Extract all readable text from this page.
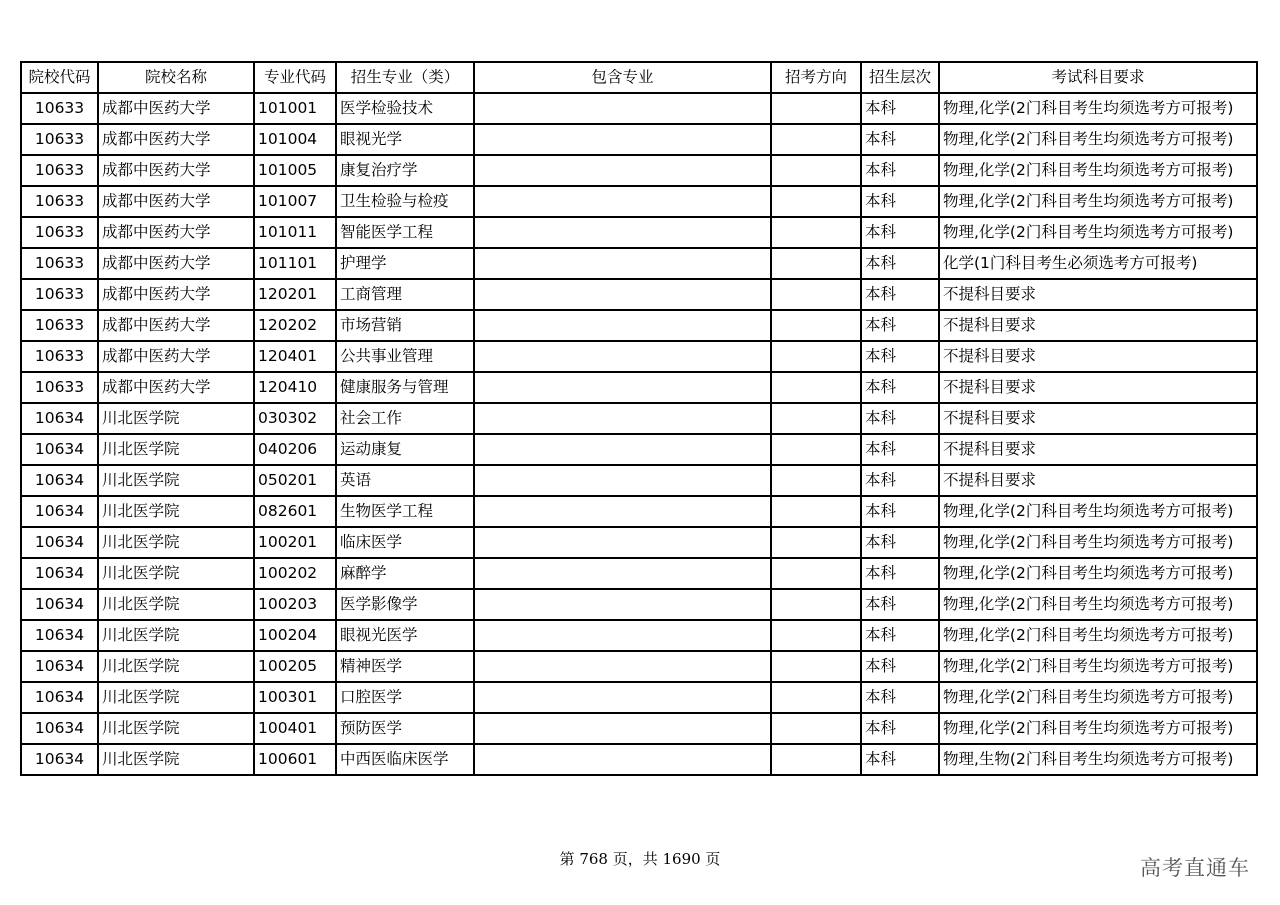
院校代码	院校名称	专业代码	招生专业（类）	包含专业	招考方向	招生层次	考试科目要求
10633	成都中医药大学	101001	医学检验技术			本科	物理,化学(2门科目考生均须选考方可报考)
10633	成都中医药大学	101004	眼视光学			本科	物理,化学(2门科目考生均须选考方可报考)
10633	成都中医药大学	101005	康复治疗学			本科	物理,化学(2门科目考生均须选考方可报考)
10633	成都中医药大学	101007	卫生检验与检疫			本科	物理,化学(2门科目考生均须选考方可报考)
10633	成都中医药大学	101011	智能医学工程			本科	物理,化学(2门科目考生均须选考方可报考)
10633	成都中医药大学	101101	护理学			本科	化学(1门科目考生必须选考方可报考)
10633	成都中医药大学	120201	工商管理			本科	不提科目要求
10633	成都中医药大学	120202	市场营销			本科	不提科目要求
10633	成都中医药大学	120401	公共事业管理			本科	不提科目要求
10633	成都中医药大学	120410	健康服务与管理			本科	不提科目要求
10634	川北医学院	030302	社会工作			本科	不提科目要求
10634	川北医学院	040206	运动康复			本科	不提科目要求
10634	川北医学院	050201	英语			本科	不提科目要求
10634	川北医学院	082601	生物医学工程			本科	物理,化学(2门科目考生均须选考方可报考)
10634	川北医学院	100201	临床医学			本科	物理,化学(2门科目考生均须选考方可报考)
10634	川北医学院	100202	麻醉学			本科	物理,化学(2门科目考生均须选考方可报考)
10634	川北医学院	100203	医学影像学			本科	物理,化学(2门科目考生均须选考方可报考)
10634	川北医学院	100204	眼视光医学			本科	物理,化学(2门科目考生均须选考方可报考)
10634	川北医学院	100205	精神医学			本科	物理,化学(2门科目考生均须选考方可报考)
10634	川北医学院	100301	口腔医学			本科	物理,化学(2门科目考生均须选考方可报考)
10634	川北医学院	100401	预防医学			本科	物理,化学(2门科目考生均须选考方可报考)
10634	川北医学院	100601	中西医临床医学			本科	物理,生物(2门科目考生均须选考方可报考)
第 768 页，共 1690 页	高考直通车
